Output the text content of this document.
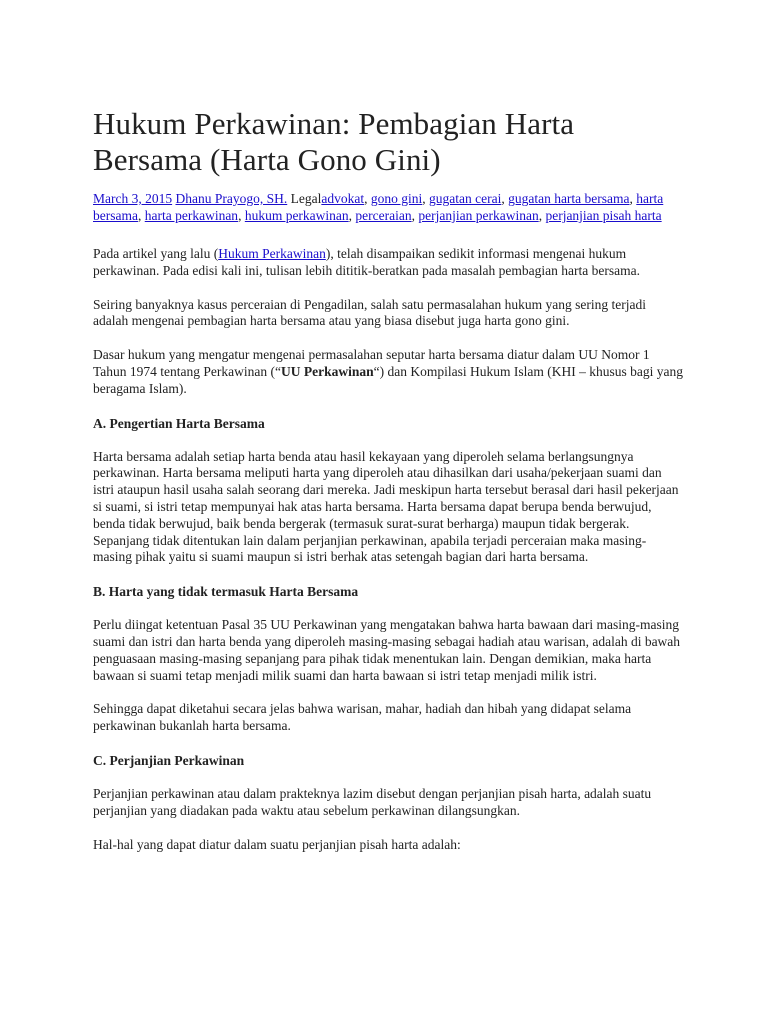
Hukum Perkawinan: Pembagian Harta
Bersama (Harta Gono Gini)
March 3, 2015 Dhanu Prayogo, SH. Legaladvokat, gono gini, gugatan cerai, gugatan harta bersama, harta bersama, harta perkawinan, hukum perkawinan, perceraian, perjanjian perkawinan, perjanjian pisah harta

Pada artikel yang lalu (Hukum Perkawinan), telah disampaikan sedikit informasi mengenai hukum perkawinan. Pada edisi kali ini, tulisan lebih dititik-beratkan pada masalah pembagian harta bersama.

Seiring banyaknya kasus perceraian di Pengadilan, salah satu permasalahan hukum yang sering terjadi adalah mengenai pembagian harta bersama atau yang biasa disebut juga harta gono gini.

Dasar hukum yang mengatur mengenai permasalahan seputar harta bersama diatur dalam UU Nomor 1 Tahun 1974 tentang Perkawinan (“UU Perkawinan“) dan Kompilasi Hukum Islam (KHI – khusus bagi yang beragama Islam).

A. Pengertian Harta Bersama

Harta bersama adalah setiap harta benda atau hasil kekayaan yang diperoleh selama berlangsungnya perkawinan. Harta bersama meliputi harta yang diperoleh atau dihasilkan dari usaha/pekerjaan suami dan istri ataupun hasil usaha salah seorang dari mereka. Jadi meskipun harta tersebut berasal dari hasil pekerjaan si suami, si istri tetap mempunyai hak atas harta bersama. Harta bersama dapat berupa benda berwujud, benda tidak berwujud, baik benda bergerak (termasuk surat-surat berharga) maupun tidak bergerak. Sepanjang tidak ditentukan lain dalam perjanjian perkawinan, apabila terjadi perceraian maka masing-masing pihak yaitu si suami maupun si istri berhak atas setengah bagian dari harta bersama.

B. Harta yang tidak termasuk Harta Bersama

Perlu diingat ketentuan Pasal 35 UU Perkawinan yang mengatakan bahwa harta bawaan dari masing-masing suami dan istri dan harta benda yang diperoleh masing-masing sebagai hadiah atau warisan, adalah di bawah penguasaan masing-masing sepanjang para pihak tidak menentukan lain. Dengan demikian, maka harta bawaan si suami tetap menjadi milik suami dan harta bawaan si istri tetap menjadi milik istri.

Sehingga dapat diketahui secara jelas bahwa warisan, mahar, hadiah dan hibah yang didapat selama perkawinan bukanlah harta bersama.

C. Perjanjian Perkawinan

Perjanjian perkawinan atau dalam prakteknya lazim disebut dengan perjanjian pisah harta, adalah suatu perjanjian yang diadakan pada waktu atau sebelum perkawinan dilangsungkan.

Hal-hal yang dapat diatur dalam suatu perjanjian pisah harta adalah:
